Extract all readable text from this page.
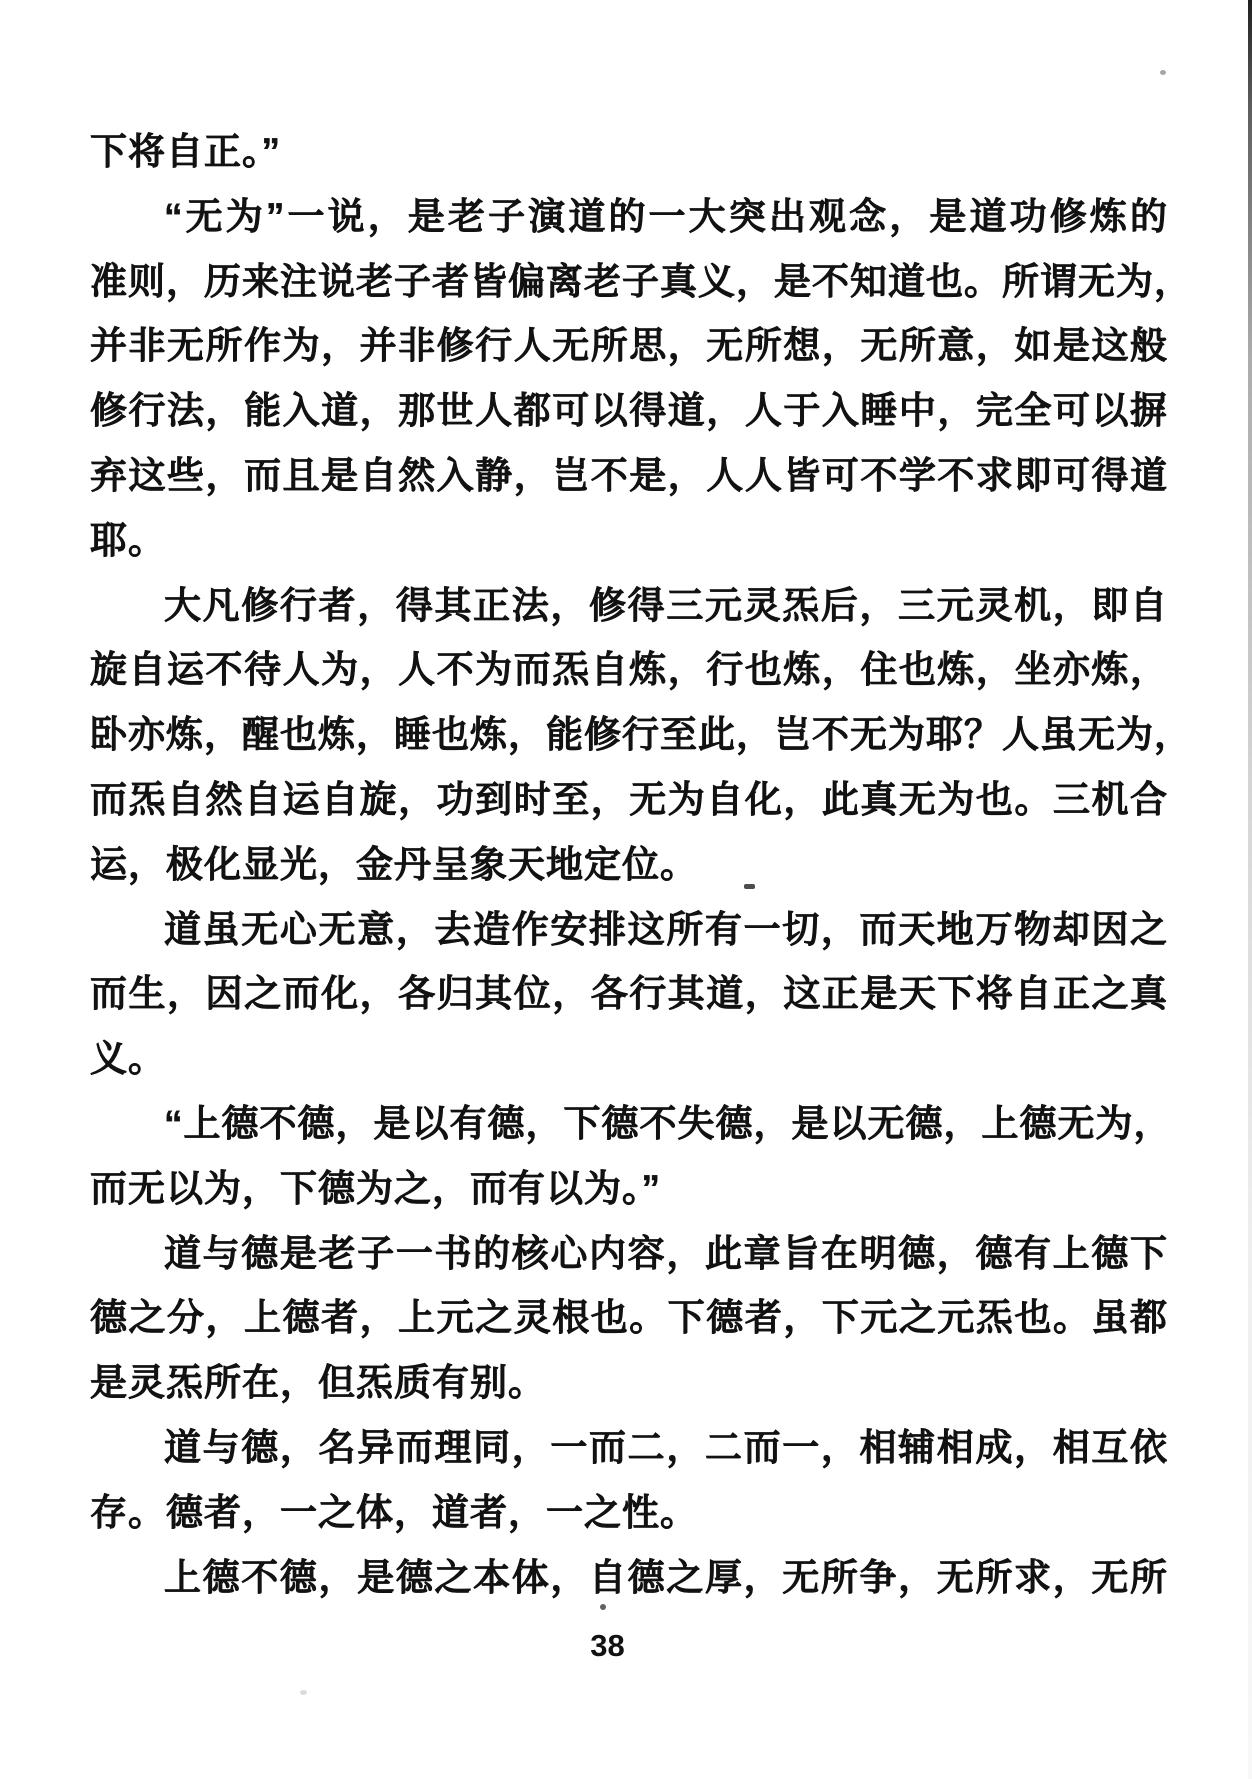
下将自正。”
“无为”一说，是老子演道的一大突出观念，是道功修炼的
准则，历来注说老子者皆偏离老子真义，是不知道也。所谓无为，
并非无所作为，并非修行人无所思，无所想，无所意，如是这般
修行法，能入道，那世人都可以得道，人于入睡中，完全可以摒
弃这些，而且是自然入静，岂不是，人人皆可不学不求即可得道
耶。
大凡修行者，得其正法，修得三元灵炁后，三元灵机，即自
旋自运不待人为，人不为而炁自炼，行也炼，住也炼，坐亦炼，
卧亦炼，醒也炼，睡也炼，能修行至此，岂不无为耶？人虽无为，
而炁自然自运自旋，功到时至，无为自化，此真无为也。三机合
运，极化显光，金丹呈象天地定位。
道虽无心无意，去造作安排这所有一切，而天地万物却因之
而生，因之而化，各归其位，各行其道，这正是天下将自正之真
义。
“上德不德，是以有德，下德不失德，是以无德，上德无为，
而无以为，下德为之，而有以为。”
道与德是老子一书的核心内容，此章旨在明德，德有上德下
德之分，上德者，上元之灵根也。下德者，下元之元炁也。虽都
是灵炁所在，但炁质有别。
道与德，名异而理同，一而二，二而一，相辅相成，相互依
存。德者，一之体，道者，一之性。
上德不德，是德之本体，自德之厚，无所争，无所求，无所
38
